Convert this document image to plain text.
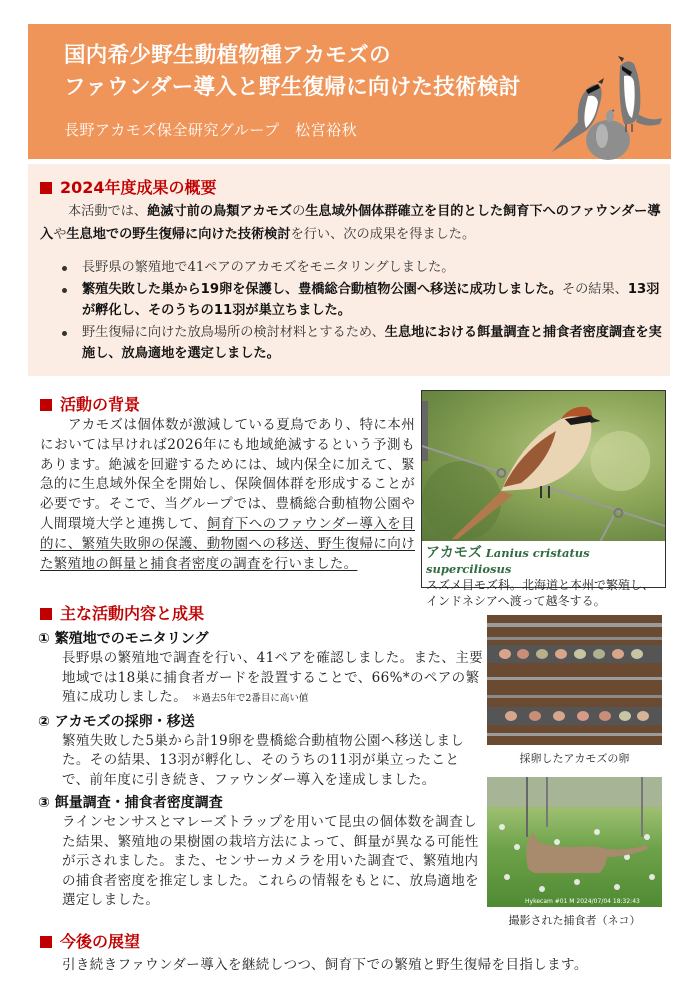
国内希少野生動植物種アカモズの
ファウンダー導入と野生復帰に向けた技術検討
長野アカモズ保全研究グループ　松宮裕秋
2024年度成果の概要
本活動では、絶滅寸前の鳥類アカモズの生息域外個体群確立を目的とした飼育下へのファウンダー導入や生息地での野生復帰に向けた技術検討を行い、次の成果を得ました。
長野県の繁殖地で41ペアのアカモズをモニタリングしました。
繁殖失敗した巣から19卵を保護し、豊橋総合動植物公園へ移送に成功しました。その結果、13羽が孵化し、そのうちの11羽が巣立ちました。
野生復帰に向けた放鳥場所の検討材料とするため、生息地における餌量調査と捕食者密度調査を実施し、放鳥適地を選定しました。
活動の背景

アカモズは個体数が激減している夏鳥であり、特に本州においては早ければ2026年にも地域絶滅するという予測もあります。絶滅を回避するためには、域内保全に加えて、緊急的に生息域外保全を開始し、保険個体群を形成することが必要です。そこで、当グループでは、豊橋総合動植物公園や人間環境大学と連携して、飼育下へのファウンダー導入を目的に、繁殖失敗卵の保護、動物園への移送、野生復帰に向けた繁殖地の餌量と捕食者密度の調査を行いました。

アカモズ Lanius cristatus superciliosus
スズメ目モズ科。北海道と本州で繁殖し、インドネシアへ渡って越冬する。
主な活動内容と成果
① 繁殖地でのモニタリング
長野県の繁殖地で調査を行い、41ペアを確認しました。また、主要地域では18巣に捕食者ガードを設置することで、66%*のペアの繁殖に成功しました。 ＊過去5年で2番目に高い値
② アカモズの採卵・移送
繁殖失敗した5巣から計19卵を豊橋総合動植物公園へ移送しました。その結果、13羽が孵化し、そのうちの11羽が巣立ったことで、前年度に引き続き、ファウンダー導入を達成しました。
③ 餌量調査・捕食者密度調査
ラインセンサスとマレーズトラップを用いて昆虫の個体数を調査した結果、繁殖地の果樹園の栽培方法によって、餌量が異なる可能性が示されました。また、センサーカメラを用いた調査で、繁殖地内の捕食者密度を推定しました。これらの情報をもとに、放鳥適地を選定しました。
採卵したアカモズの卵
Hykecam #01 M 2024/07/04 18:32:43
撮影された捕食者（ネコ）
今後の展望
引き続きファウンダー導入を継続しつつ、飼育下での繁殖と野生復帰を目指します。
